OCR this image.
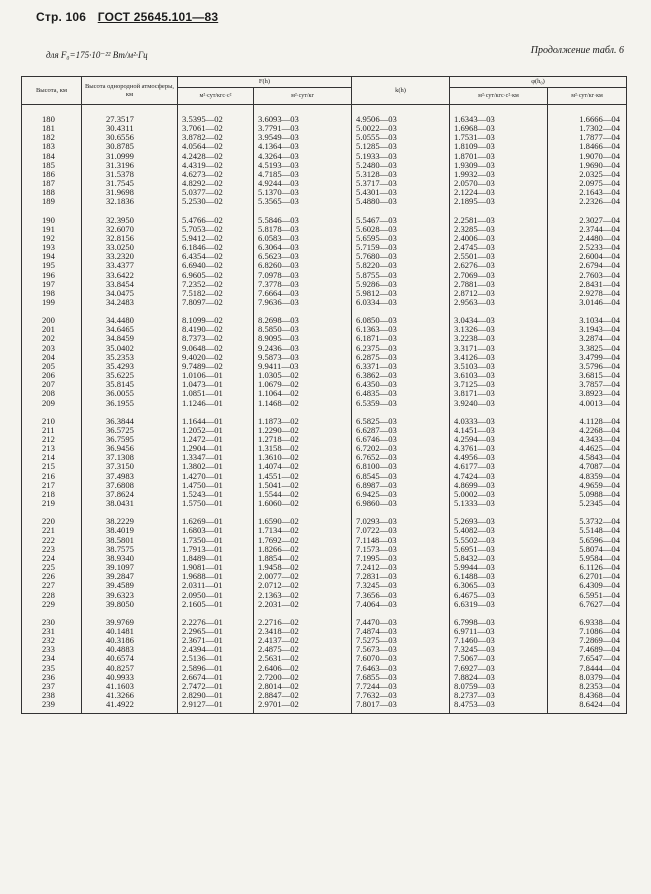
Стр. 106 ГОСТ 25645.101—83
для F₀=175·10⁻²² Вт/м²·Гц	Продолжение табл. 6
Высота, км	Высота однородной атмосферы, км	F(h)		k(h)	φ(h₀)	
		м²·сут/кгс·с²	м²·сут/кг		м²·сут/кгс·с²·км	м²·сут/кг·км
180	27.3517	3.5395—02	3.6093—03	4.9506—03	1.6343—03	1.6666—04
181	30.4311	3.7061—02	3.7791—03	5.0022—03	1.6968—03	1.7302—04
182	30.6556	3.8782—02	3.9549—03	5.0555—03	1.7531—03	1.7877—04
183	30.8785	4.0564—02	4.1364—03	5.1285—03	1.8109—03	1.8466—04
184	31.0999	4.2428—02	4.3264—03	5.1933—03	1.8701—03	1.9070—04
185	31.3196	4.4319—02	4.5193—03	5.2480—03	1.9309—03	1.9690—04
186	31.5378	4.6273—02	4.7185—03	5.3128—03	1.9932—03	2.0325—04
187	31.7545	4.8292—02	4.9244—03	5.3717—03	2.0570—03	2.0975—04
188	31.9698	5.0377—02	5.1370—03	5.4301—03	2.1224—03	2.1643—04
189	32.1836	5.2530—02	5.3565—03	5.4880—03	2.1895—03	2.2326—04
190	32.3950	5.4766—02	5.5846—03	5.5467—03	2.2581—03	2.3027—04
191	32.6070	5.7053—02	5.8178—03	5.6028—03	2.3285—03	2.3744—04
192	32.8156	5.9412—02	6.0583—03	5.6595—03	2.4006—03	2.4480—04
193	33.0250	6.1846—02	6.3064—03	5.7159—03	2.4745—03	2.5233—04
194	33.2320	6.4354—02	6.5623—03	5.7680—03	2.5501—03	2.6004—04
195	33.4377	6.6940—02	6.8260—03	5.8220—03	2.6276—03	2.6794—04
196	33.6422	6.9605—02	7.0978—03	5.8755—03	2.7069—03	2.7603—04
197	33.8454	7.2352—02	7.3778—03	5.9286—03	2.7881—03	2.8431—04
198	34.0475	7.5182—02	7.6664—03	5.9812—03	2.8712—03	2.9278—04
199	34.2483	7.8097—02	7.9636—03	6.0334—03	2.9563—03	3.0146—04
200	34.4480	8.1099—02	8.2698—03	6.0850—03	3.0434—03	3.1034—04
201	34.6465	8.4190—02	8.5850—03	6.1363—03	3.1326—03	3.1943—04
202	34.8459	8.7373—02	8.9095—03	6.1871—03	3.2238—03	3.2874—04
203	35.0402	9.0648—02	9.2436—03	6.2375—03	3.3171—03	3.3825—04
204	35.2353	9.4020—02	9.5873—03	6.2875—03	3.4126—03	3.4799—04
205	35.4293	9.7489—02	9.9411—03	6.3371—03	3.5103—03	3.5796—04
206	35.6225	1.0106—01	1.0305—02	6.3862—03	3.6103—03	3.6815—04
207	35.8145	1.0473—01	1.0679—02	6.4350—03	3.7125—03	3.7857—04
208	36.0055	1.0851—01	1.1064—02	6.4835—03	3.8171—03	3.8923—04
209	36.1955	1.1246—01	1.1468—02	6.5359—03	3.9240—03	4.0013—04
210	36.3844	1.1644—01	1.1873—02	6.5825—03	4.0333—03	4.1128—04
211	36.5725	1.2052—01	1.2290—02	6.6287—03	4.1451—03	4.2268—04
212	36.7595	1.2472—01	1.2718—02	6.6746—03	4.2594—03	4.3433—04
213	36.9456	1.2904—01	1.3158—02	6.7202—03	4.3761—03	4.4625—04
214	37.1308	1.3347—01	1.3610—02	6.7652—03	4.4956—03	4.5843—04
215	37.3150	1.3802—01	1.4074—02	6.8100—03	4.6177—03	4.7087—04
216	37.4983	1.4270—01	1.4551—02	6.8545—03	4.7424—03	4.8359—04
217	37.6808	1.4750—01	1.5041—02	6.8987—03	4.8699—03	4.9659—04
218	37.8624	1.5243—01	1.5544—02	6.9425—03	5.0002—03	5.0988—04
219	38.0431	1.5750—01	1.6060—02	6.9860—03	5.1333—03	5.2345—04
220	38.2229	1.6269—01	1.6590—02	7.0293—03	5.2693—03	5.3732—04
221	38.4019	1.6803—01	1.7134—02	7.0722—03	5.4082—03	5.5148—04
222	38.5801	1.7350—01	1.7692—02	7.1148—03	5.5502—03	5.6596—04
223	38.7575	1.7913—01	1.8266—02	7.1573—03	5.6951—03	5.8074—04
224	38.9340	1.8489—01	1.8854—02	7.1995—03	5.8432—03	5.9584—04
225	39.1097	1.9081—01	1.9458—02	7.2412—03	5.9944—03	6.1126—04
226	39.2847	1.9688—01	2.0077—02	7.2831—03	6.1488—03	6.2701—04
227	39.4589	2.0311—01	2.0712—02	7.3245—03	6.3065—03	6.4309—04
228	39.6323	2.0950—01	2.1363—02	7.3656—03	6.4675—03	6.5951—04
229	39.8050	2.1605—01	2.2031—02	7.4064—03	6.6319—03	6.7627—04
230	39.9769	2.2276—01	2.2716—02	7.4470—03	6.7998—03	6.9338—04
231	40.1481	2.2965—01	2.3418—02	7.4874—03	6.9711—03	7.1086—04
232	40.3186	2.3671—01	2.4137—02	7.5275—03	7.1460—03	7.2869—04
233	40.4883	2.4394—01	2.4875—02	7.5673—03	7.3245—03	7.4689—04
234	40.6574	2.5136—01	2.5631—02	7.6070—03	7.5067—03	7.6547—04
235	40.8257	2.5896—01	2.6406—02	7.6463—03	7.6927—03	7.8444—04
236	40.9933	2.6674—01	2.7200—02	7.6855—03	7.8824—03	8.0379—04
237	41.1603	2.7472—01	2.8014—02	7.7244—03	8.0759—03	8.2353—04
238	41.3266	2.8290—01	2.8847—02	7.7632—03	8.2737—03	8.4368—04
239	41.4922	2.9127—01	2.9701—02	7.8017—03	8.4753—03	8.6424—04
